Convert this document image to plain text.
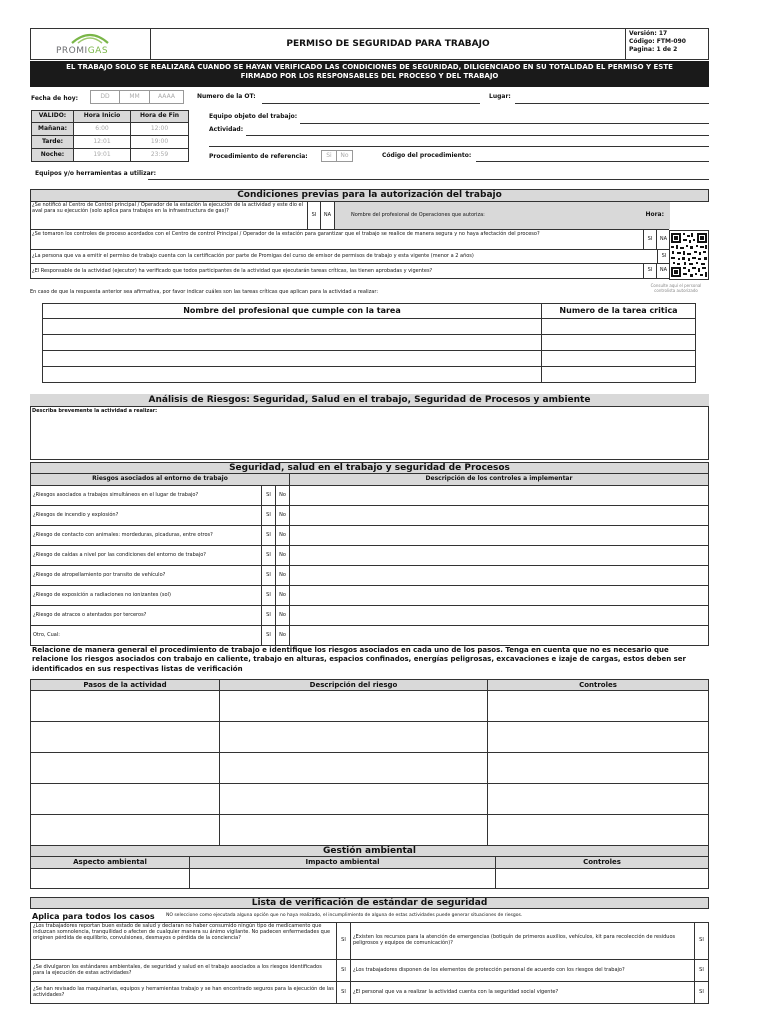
PROMIGAS
PERMISO DE SEGURIDAD PARA TRABAJO
Versión: 17
Código: FTM-090
Pagina: 1 de 2
EL TRABAJO SOLO SE REALIZARÁ CUANDO SE HAYAN VERIFICADO LAS CONDICIONES DE SEGURIDAD, DILIGENCIADO EN SU TOTALIDAD EL PERMISO Y ESTE FIRMADO POR LOS RESPONSABLES DEL PROCESO Y DEL TRABAJO
Fecha de hoy:	DD	MM	AAAA	Numero de la OT:	Lugar:
VALIDO:	Hora Inicio	Hora de Fin
Mañana:	6:00	12:00
Tarde:	12:01	19:00
Noche:	19:01	23:59
Equipo objeto del trabajo:
Actividad:
Procedimiento de referencia:	Si	No	Código del procedimiento:
Equipos y/o herramientas a utilizar:
Condiciones previas para la autorización del trabajo
¿Se notificó al Centro de Control principal / Operador de la estación la ejecución de la actividad y este dio el aval para su ejecución (solo aplica para trabajos en la infraestructura de gas)?
SI	NA	Nombre del profesional de Operaciones que autoriza:	Hora:
¿Se tomaron los controles de proceso acordados con el Centro de control Principal / Operador de la estación para garantizar que el trabajo se realice de manera segura y no haya afectación del proceso?
SI	NA
¿La persona que va a emitir el permiso de trabajo cuenta con la certificación por parte de Promigas del curso de emisor de permisos de trabajo y esta vigente (menor a 2 años)	SI
¿El Responsable de la actividad (ejecutor) ha verificado que todos participantes de la actividad que ejecutarán tareas críticas, las tienen aprobadas y vigentes?	SI	NA
Consulte aquí el personal controlista autorizado
En caso de que la respuesta anterior sea afirmativa, por favor indicar cuáles son las tareas críticas que aplican para la actividad a realizar:
Nombre del profesional que cumple con la tarea	Numero de la tarea critica
Análisis de Riesgos: Seguridad, Salud en el trabajo, Seguridad de Procesos y ambiente
Describa brevemente la actividad a realizar:
Seguridad, salud en el trabajo y seguridad de Procesos
Riesgos asociados al entorno de trabajo	Descripción de los controles a implementar
¿Riesgos asociados a trabajos simultáneos en el lugar de trabajo?	SI	No
¿Riesgos de incendio y explosión?	SI	No
¿Riesgo de contacto con animales: mordeduras, picaduras, entre otros?	SI	No
¿Riesgo de caídas a nivel por las condiciones del entorno de trabajo?	SI	No
¿Riesgo de atropellamiento por transito de vehículo?	SI	No
¿Riesgo de exposición a radiaciones no ionizantes (sol)	SI	No
¿Riesgo de atracos o atentados por terceros?	SI	No
Otro, Cual:	SI	No
Relacione de manera general el procedimiento de trabajo e identifique los riesgos asociados en cada uno de los pasos. Tenga en cuenta que no es necesario que relacione los riesgos asociados con trabajo en caliente, trabajo en alturas, espacios confinados, energías peligrosas, excavaciones e izaje de cargas, estos deben ser identificados en sus respectivas listas de verificación
Pasos de la actividad	Descripción del riesgo	Controles
Gestión ambiental
Aspecto ambiental	Impacto ambiental	Controles
Lista de verificación de estándar de seguridad
Aplica para todos los casos	NO seleccione como ejecutada alguna opción que no haya realizado, el incumplimiento de alguna de estas actividades puede generar situaciones de riesgos.
¿Los trabajadores reportan buen estado de salud y declaran no haber consumido ningún tipo de medicamento que induzcan somnolencia, tranquilidad o afecten de cualquier manera su ánimo vigilante. No padecen enfermedades que originen pérdida de equilibrio, convulsiones, desmayos o pérdida de la conciencia?	SI	¿Existen los recursos para la atención de emergencias (botiquín de primeros auxilios, vehículos, kit para recolección de residuos peligrosos y equipos de comunicación)?	SI
¿Se divulgaron los estándares ambientales, de seguridad y salud en el trabajo asociados a los riesgos identificados para la ejecución de estas actividades?	SI	¿Los trabajadores disponen de los elementos de protección personal de acuerdo con los riesgos del trabajo?	SI
¿Se han revisado las maquinarias, equipos y herramientas trabajo y se han encontrado seguros para la ejecución de las actividades?	SI	¿El personal que va a realizar la actividad cuenta con la seguridad social vigente?	SI
